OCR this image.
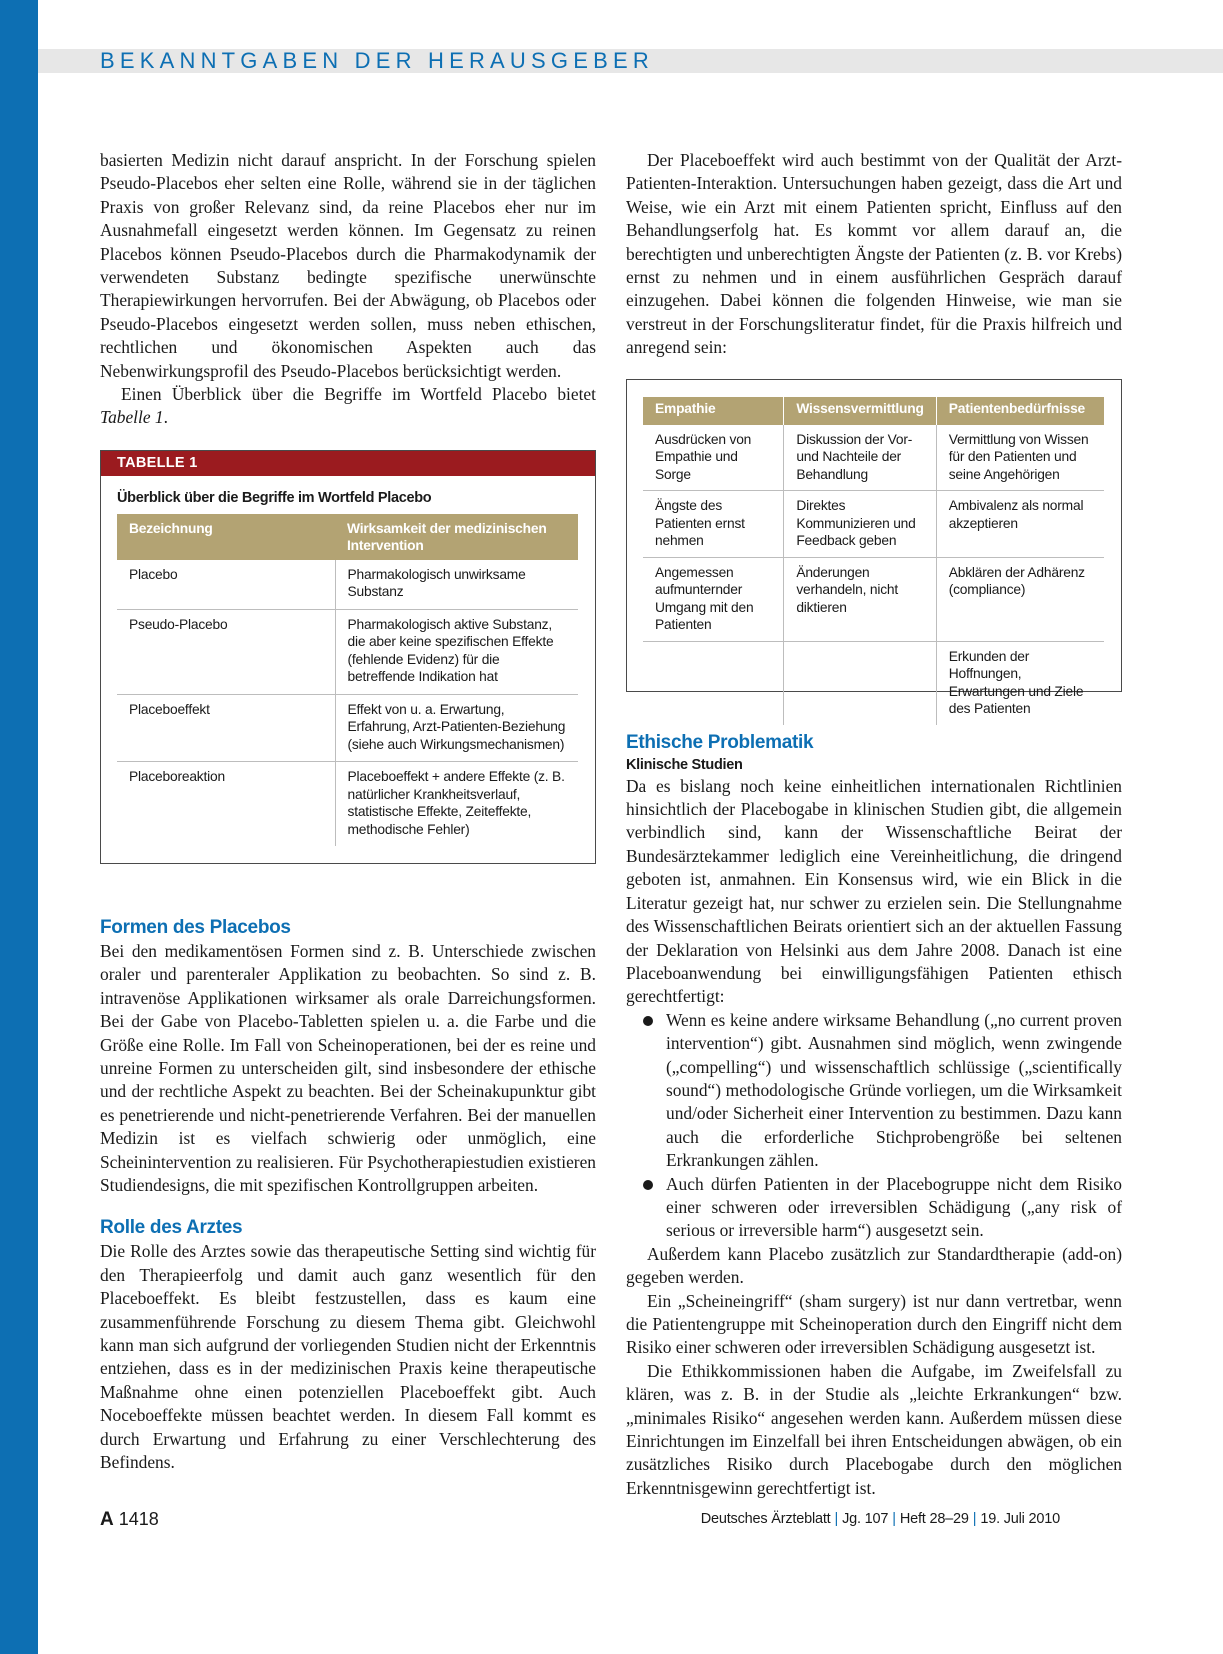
BEKANNTGABEN DER HERAUSGEBER

basierten Medizin nicht darauf anspricht. In der Forschung spielen Pseudo-Placebos eher selten eine Rolle, während sie in der täglichen Praxis von großer Relevanz sind, da reine Placebos eher nur im Ausnahmefall eingesetzt werden können. Im Gegensatz zu reinen Placebos können Pseudo-Placebos durch die Pharmakodynamik der verwendeten Substanz bedingte spezifische unerwünschte Therapiewirkungen hervorrufen. Bei der Abwägung, ob Placebos oder Pseudo-Placebos eingesetzt werden sollen, muss neben ethischen, rechtlichen und ökonomischen Aspekten auch das Nebenwirkungsprofil des Pseudo-Placebos berücksichtigt werden.

Einen Überblick über die Begriffe im Wortfeld Placebo bietet Tabelle 1.

TABELLE 1
Überblick über die Begriffe im Wortfeld Placebo
Bezeichnung	Wirksamkeit der medizinischen Intervention
Placebo	Pharmakologisch unwirksame Substanz
Pseudo-Placebo	Pharmakologisch aktive Substanz, die aber keine spezifischen Effekte (fehlende Evidenz) für die betreffende Indikation hat
Placeboeffekt	Effekt von u. a. Erwartung, Erfahrung, Arzt-Patienten-Beziehung (siehe auch Wirkungsmechanismen)
Placeboreaktion	Placeboeffekt + andere Effekte (z. B. natürlicher Krankheitsverlauf, statistische Effekte, Zeiteffekte, methodische Fehler)
Formen des Placebos

Bei den medikamentösen Formen sind z. B. Unterschiede zwischen oraler und parenteraler Applikation zu beobachten. So sind z. B. intravenöse Applikationen wirksamer als orale Darreichungsformen. Bei der Gabe von Placebo-Tabletten spielen u. a. die Farbe und die Größe eine Rolle. Im Fall von Scheinoperationen, bei der es reine und unreine Formen zu unterscheiden gilt, sind insbesondere der ethische und der rechtliche Aspekt zu beachten. Bei der Scheinakupunktur gibt es penetrierende und nicht-penetrierende Verfahren. Bei der manuellen Medizin ist es vielfach schwierig oder unmöglich, eine Scheinintervention zu realisieren. Für Psychotherapiestudien existieren Studiendesigns, die mit spezifischen Kontrollgruppen arbeiten.

Rolle des Arztes

Die Rolle des Arztes sowie das therapeutische Setting sind wichtig für den Therapieerfolg und damit auch ganz wesentlich für den Placeboeffekt. Es bleibt festzustellen, dass es kaum eine zusammenführende Forschung zu diesem Thema gibt. Gleichwohl kann man sich aufgrund der vorliegenden Studien nicht der Erkenntnis entziehen, dass es in der medizinischen Praxis keine therapeutische Maßnahme ohne einen potenziellen Placeboeffekt gibt. Auch Noceboeffekte müssen beachtet werden. In diesem Fall kommt es durch Erwartung und Erfahrung zu einer Verschlechterung des Befindens.

Der Placeboeffekt wird auch bestimmt von der Qualität der Arzt-Patienten-Interaktion. Untersuchungen haben gezeigt, dass die Art und Weise, wie ein Arzt mit einem Patienten spricht, Einfluss auf den Behandlungserfolg hat. Es kommt vor allem darauf an, die berechtigten und unberechtigten Ängste der Patienten (z. B. vor Krebs) ernst zu nehmen und in einem ausführlichen Gespräch darauf einzugehen. Dabei können die folgenden Hinweise, wie man sie verstreut in der Forschungsliteratur findet, für die Praxis hilfreich und anregend sein:

Empathie	Wissensvermittlung	Patientenbedürfnisse
Ausdrücken von Empathie und Sorge	Diskussion der Vor- und Nachteile der Behandlung	Vermittlung von Wissen für den Patienten und seine Angehörigen
Ängste des Patienten ernst nehmen	Direktes Kommunizieren und Feedback geben	Ambivalenz als normal akzeptieren
Angemessen aufmunternder Umgang mit den Patienten	Änderungen verhandeln, nicht diktieren	Abklären der Adhärenz (compliance)
		Erkunden der Hoffnungen, Erwartungen und Ziele des Patienten
Ethische Problematik
Klinische Studien

Da es bislang noch keine einheitlichen internationalen Richtlinien hinsichtlich der Placebogabe in klinischen Studien gibt, die allgemein verbindlich sind, kann der Wissenschaftliche Beirat der Bundesärztekammer lediglich eine Vereinheitlichung, die dringend geboten ist, anmahnen. Ein Konsensus wird, wie ein Blick in die Literatur gezeigt hat, nur schwer zu erzielen sein. Die Stellungnahme des Wissenschaftlichen Beirats orientiert sich an der aktuellen Fassung der Deklaration von Helsinki aus dem Jahre 2008. Danach ist eine Placeboanwendung bei einwilligungsfähigen Patienten ethisch gerechtfertigt:

Wenn es keine andere wirksame Behandlung („no current proven intervention“) gibt. Ausnahmen sind möglich, wenn zwingende („compelling“) und wissenschaftlich schlüssige („scientifically sound“) methodologische Gründe vorliegen, um die Wirksamkeit und/oder Sicherheit einer Intervention zu bestimmen. Dazu kann auch die erforderliche Stichprobengröße bei seltenen Erkrankungen zählen.
Auch dürfen Patienten in der Placebogruppe nicht dem Risiko einer schweren oder irreversiblen Schädigung („any risk of serious or irreversible harm“) ausgesetzt sein.

Außerdem kann Placebo zusätzlich zur Standardtherapie (add-on) gegeben werden.

Ein „Scheineingriff“ (sham surgery) ist nur dann vertretbar, wenn die Patientengruppe mit Scheinoperation durch den Eingriff nicht dem Risiko einer schweren oder irreversiblen Schädigung ausgesetzt ist.

Die Ethikkommissionen haben die Aufgabe, im Zweifelsfall zu klären, was z. B. in der Studie als „leichte Erkrankungen“ bzw. „minimales Risiko“ angesehen werden kann. Außerdem müssen diese Einrichtungen im Einzelfall bei ihren Entscheidungen abwägen, ob ein zusätzliches Risiko durch Placebogabe durch den möglichen Erkenntnisgewinn gerechtfertigt ist.

A 1418	Deutsches Ärzteblatt | Jg. 107 | Heft 28–29 | 19. Juli 2010
